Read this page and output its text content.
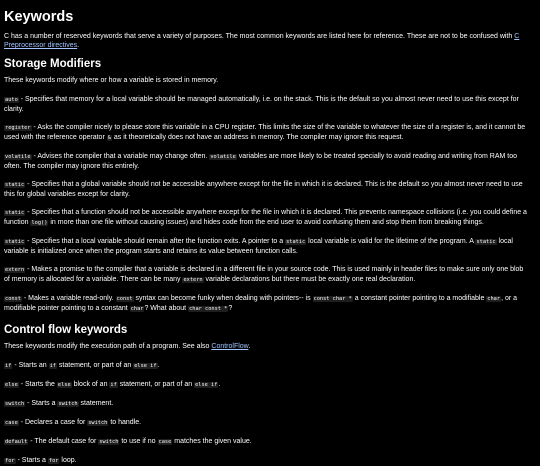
Keywords

C has a number of reserved keywords that serve a variety of purposes. The most common keywords are listed here for reference. These are not to be confused with C Preprocessor directives.

Storage Modifiers

These keywords modify where or how a variable is stored in memory.

auto - Specifies that memory for a local variable should be managed automatically, i.e. on the stack. This is the default so you almost never need to use this except for clarity.

register - Asks the compiler nicely to please store this variable in a CPU register. This limits the size of the variable to whatever the size of a register is, and it cannot be used with the reference operator & as it theoretically does not have an address in memory. The compiler may ignore this request.

volatile - Advises the compiler that a variable may change often. volatile variables are more likely to be treated specially to avoid reading and writing from RAM too often. The compiler may ignore this entirely.

static - Specifies that a global variable should not be accessible anywhere except for the file in which it is declared. This is the default so you almost never need to use this for global variables except for clarity.

static - Specifies that a function should not be accessible anywhere except for the file in which it is declared. This prevents namespace collisions (i.e. you could define a function log() in more than one file without causing issues) and hides code from the end user to avoid confusing them and stop them from breaking things.

static - Specifies that a local variable should remain after the function exits. A pointer to a static local variable is valid for the lifetime of the program. A static local variable is initialized once when the program starts and retains its value between function calls.

extern - Makes a promise to the compiler that a variable is declared in a different file in your source code. This is used mainly in header files to make sure only one blob of memory is allocated for a variable. There can be many extern variable declarations but there must be exactly one real declaration.

const - Makes a variable read-only. const syntax can become funky when dealing with pointers-- is const char * a constant pointer pointing to a modifiable char, or a modifiable pointer pointing to a constant char? What about char const *?

Control flow keywords

These keywords modify the execution path of a program. See also ControlFlow.

if - Starts an if statement, or part of an else if.

else - Starts the else block of an if statement, or part of an else if.

switch - Starts a switch statement.

case - Declares a case for switch to handle.

default - The default case for switch to use if no case matches the given value.

for - Starts a for loop.
